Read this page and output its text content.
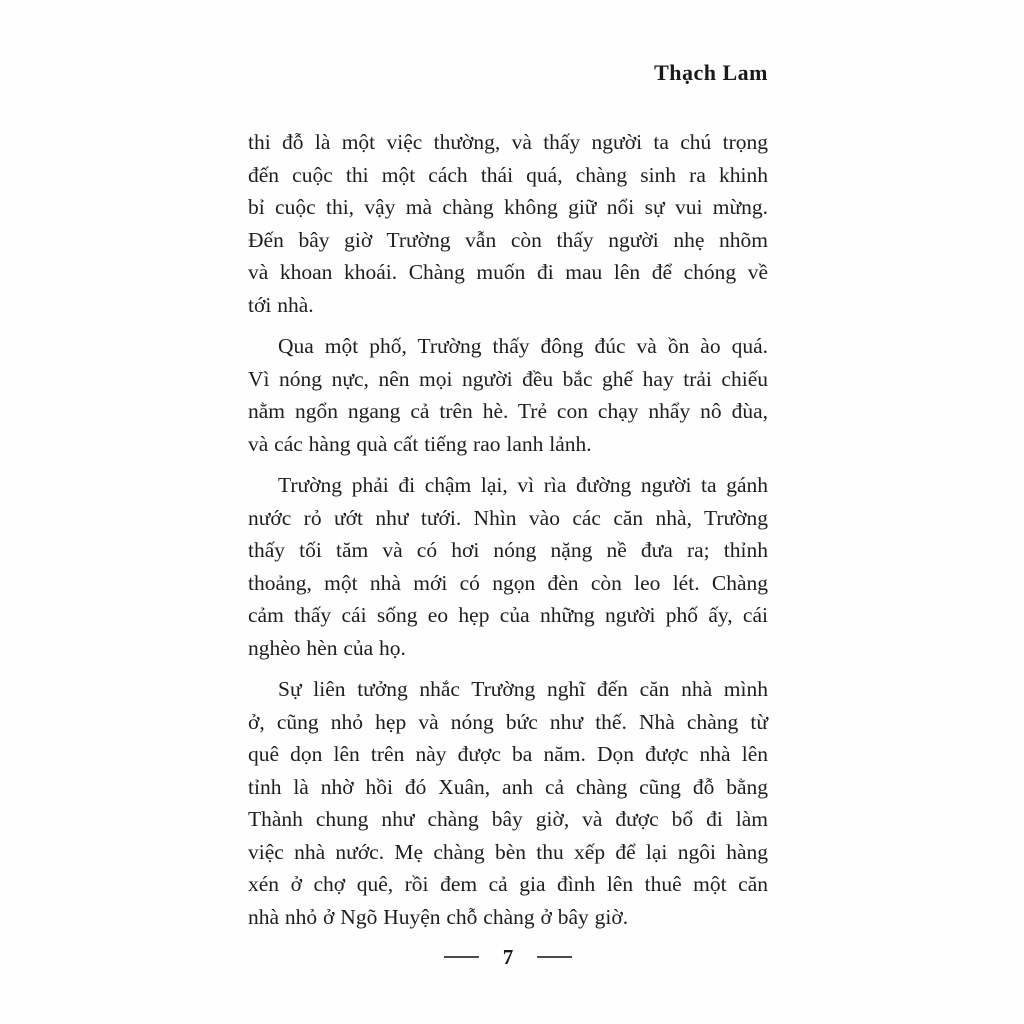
Thạch Lam
thi đỗ là một việc thường, và thấy người ta chú trọng
đến cuộc thi một cách thái quá, chàng sinh ra khinh
bỉ cuộc thi, vậy mà chàng không giữ nổi sự vui mừng.
Đến bây giờ Trường vẫn còn thấy người nhẹ nhõm
và khoan khoái. Chàng muốn đi mau lên để chóng về
tới nhà.
Qua một phố, Trường thấy đông đúc và ồn ào quá.
Vì nóng nực, nên mọi người đều bắc ghế hay trải chiếu
nằm ngổn ngang cả trên hè. Trẻ con chạy nhẩy nô đùa,
và các hàng quà cất tiếng rao lanh lảnh.
Trường phải đi chậm lại, vì rìa đường người ta gánh
nước rỏ ướt như tưới. Nhìn vào các căn nhà, Trường
thấy tối tăm và có hơi nóng nặng nề đưa ra; thỉnh
thoảng, một nhà mới có ngọn đèn còn leo lét. Chàng
cảm thấy cái sống eo hẹp của những người phố ấy, cái
nghèo hèn của họ.
Sự liên tưởng nhắc Trường nghĩ đến căn nhà mình
ở, cũng nhỏ hẹp và nóng bức như thế. Nhà chàng từ
quê dọn lên trên này được ba năm. Dọn được nhà lên
tỉnh là nhờ hồi đó Xuân, anh cả chàng cũng đỗ bằng
Thành chung như chàng bây giờ, và được bổ đi làm
việc nhà nước. Mẹ chàng bèn thu xếp để lại ngôi hàng
xén ở chợ quê, rồi đem cả gia đình lên thuê một căn
nhà nhỏ ở Ngõ Huyện chỗ chàng ở bây giờ.
7
